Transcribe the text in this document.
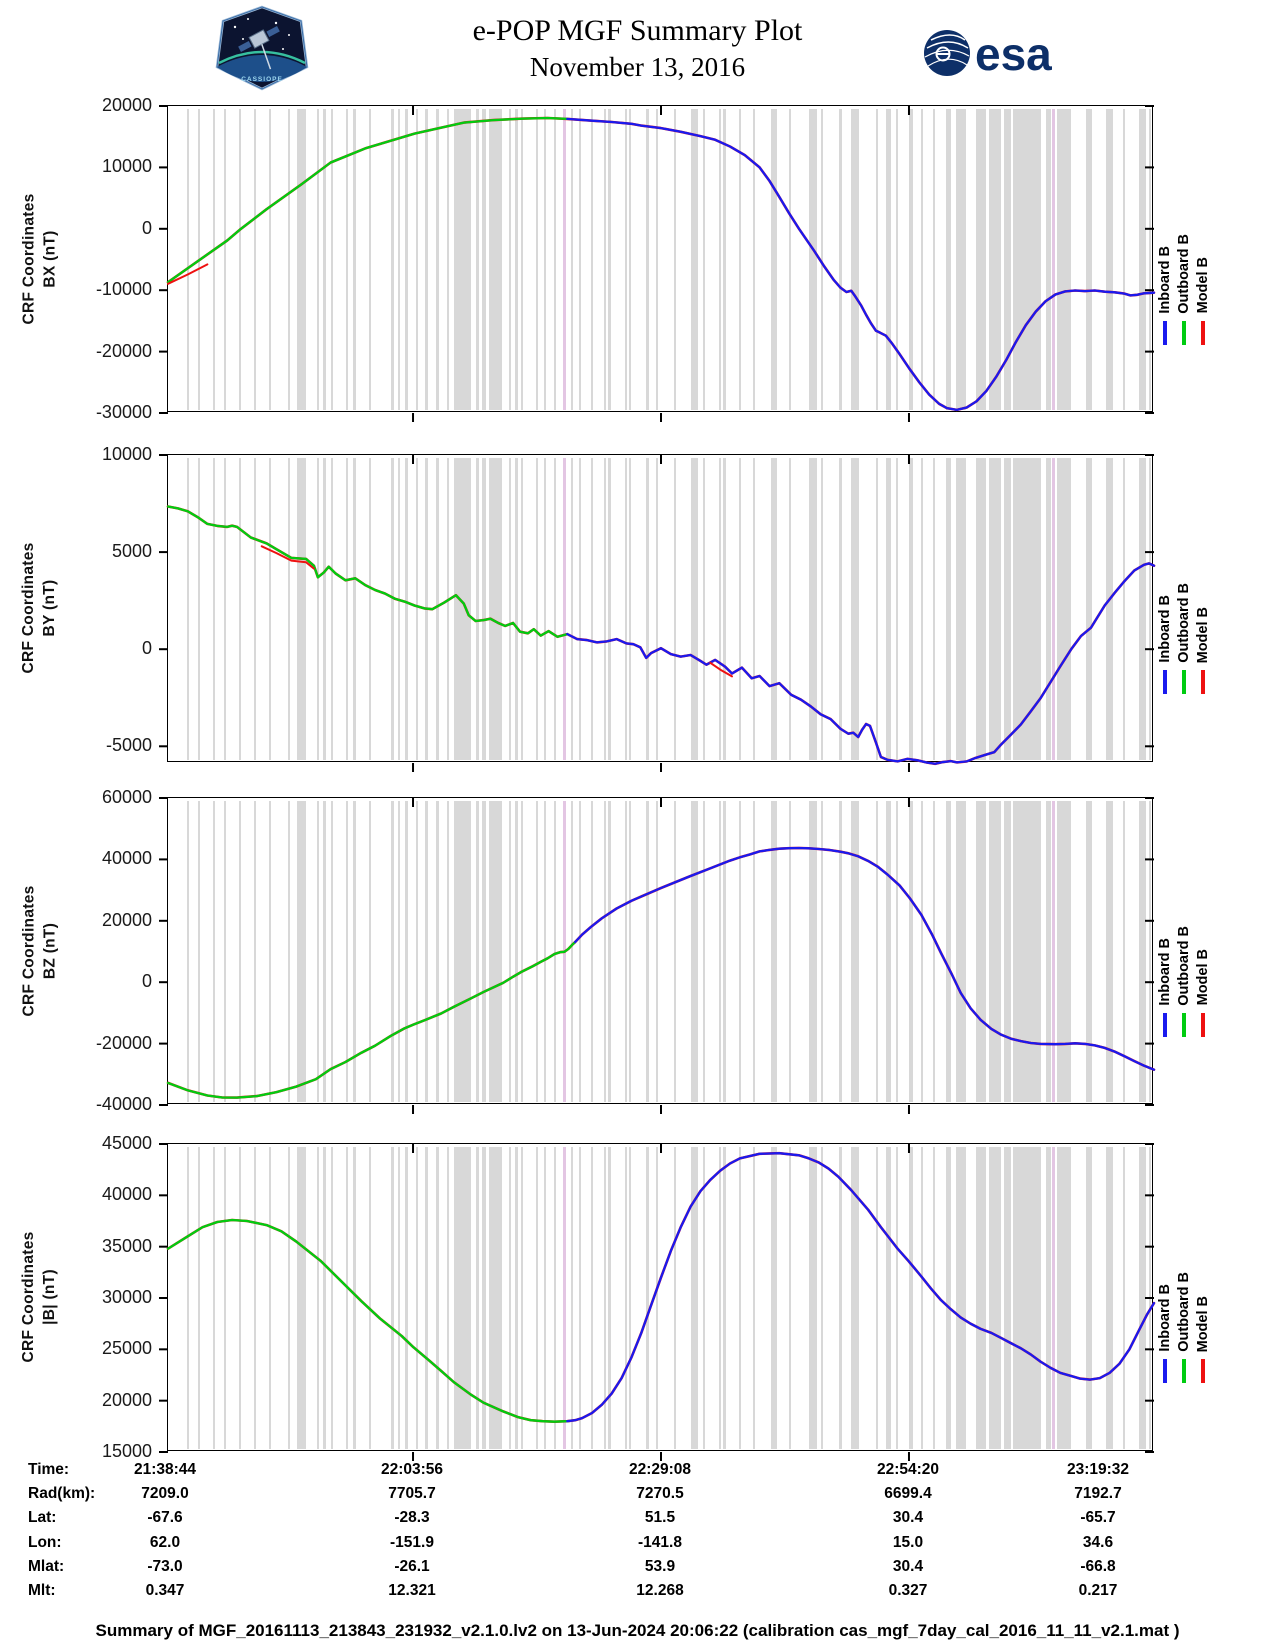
CASSIOPE
e-POP MGF Summary Plot
November 13, 2016	esa
20000
10000
0
-10000
-20000
-30000
CRF Coordinates BX (nT)	Inboard B Outboard B Model B
10000
5000
0
-5000
CRF Coordinates BY (nT)	Inboard B Outboard B Model B
60000
40000
20000
0
-20000
-40000
CRF Coordinates BZ (nT)	Inboard B Outboard B Model B
45000
40000
35000
30000
25000
20000
15000
CRF Coordinates |B| (nT)	Inboard B Outboard B Model B
Time:	21:38:44	22:03:56	22:29:08	22:54:20	23:19:32
Rad(km):	7209.0	7705.7	7270.5	6699.4	7192.7
Lat:	-67.6	-28.3	51.5	30.4	-65.7
Lon:	62.0	-151.9	-141.8	15.0	34.6
Mlat:	-73.0	-26.1	53.9	30.4	-66.8
Mlt:	0.347	12.321	12.268	0.327	0.217
Summary of MGF_20161113_213843_231932_v2.1.0.lv2 on 13-Jun-2024 20:06:22 (calibration cas_mgf_7day_cal_2016_11_11_v2.1.mat )
